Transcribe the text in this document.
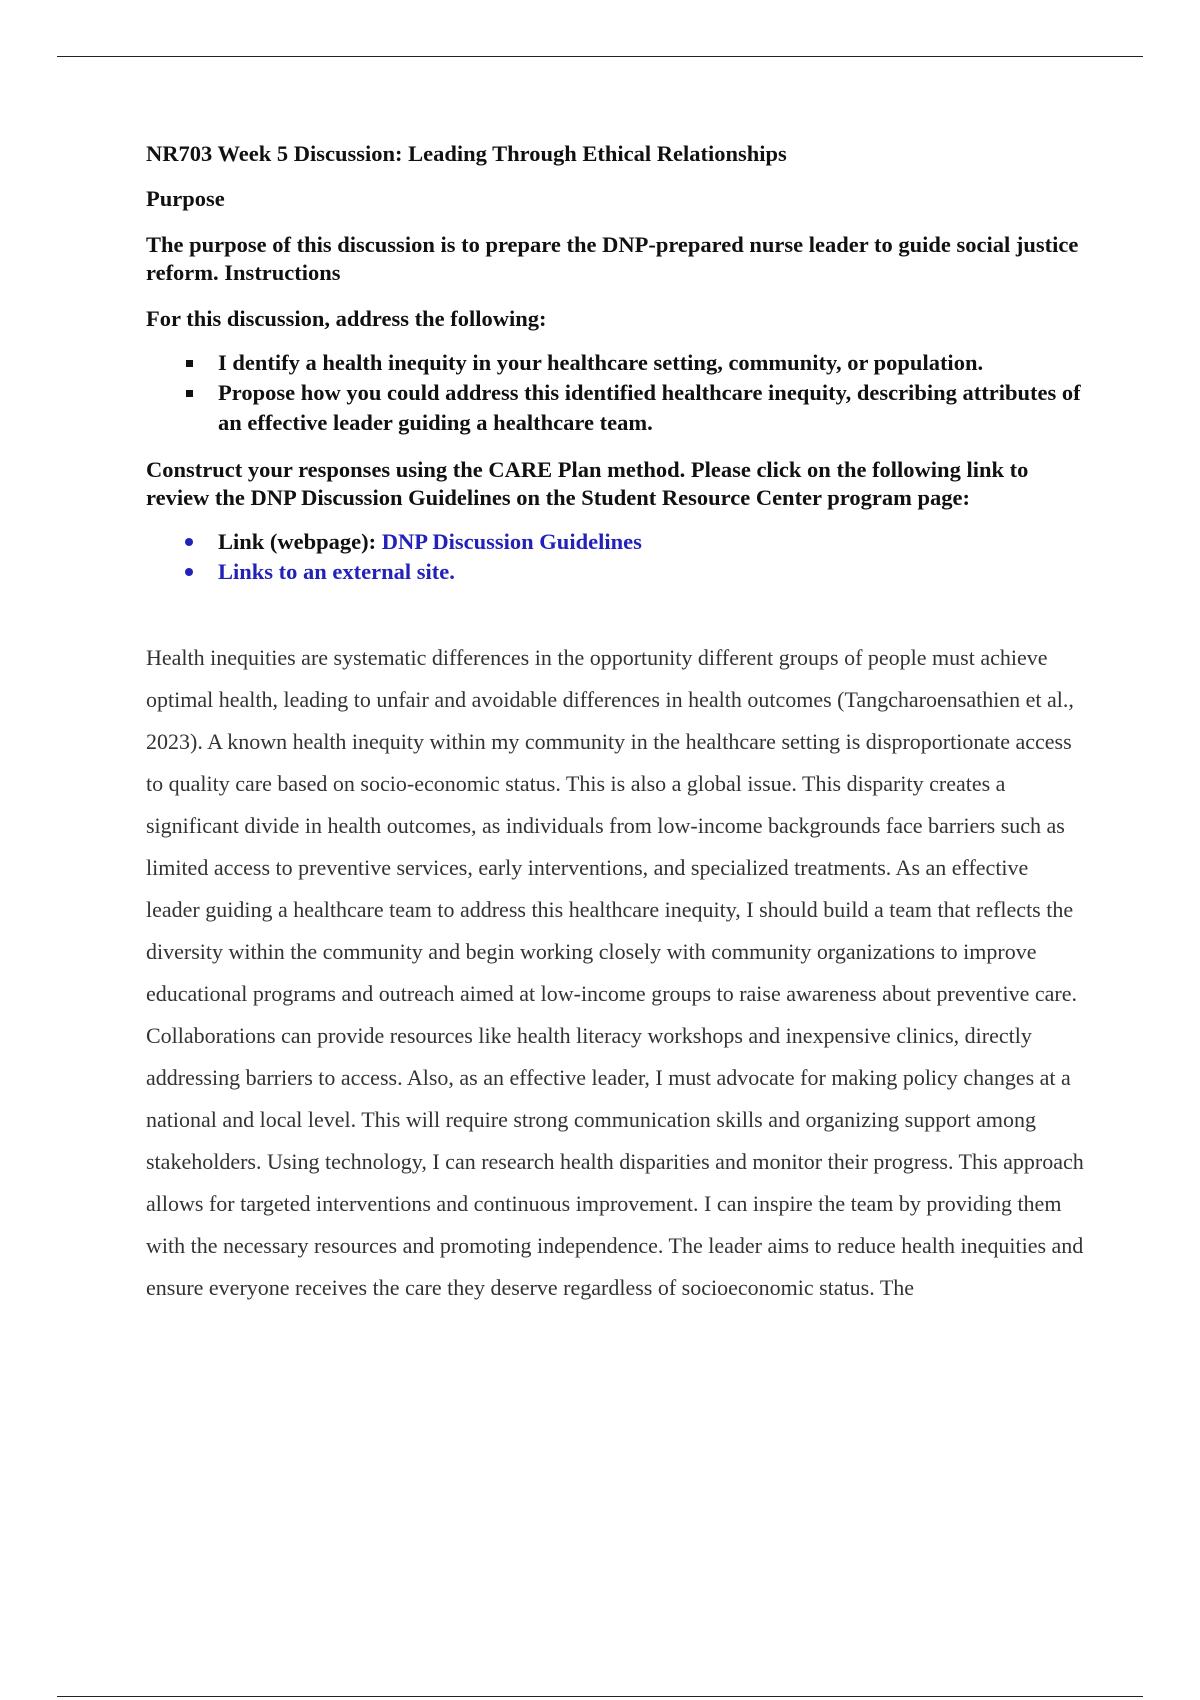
NR703 Week 5 Discussion: Leading Through Ethical Relationships

Purpose

The purpose of this discussion is to prepare the DNP-prepared nurse leader to guide social justice reform. Instructions

For this discussion, address the following:

I dentify a health inequity in your healthcare setting, community, or population.
Propose how you could address this identified healthcare inequity, describing attributes of an effective leader guiding a healthcare team.

Construct your responses using the CARE Plan method. Please click on the following link to review the DNP Discussion Guidelines on the Student Resource Center program page:

Link (webpage): DNP Discussion Guidelines
Links to an external site.

Health inequities are systematic differences in the opportunity different groups of people must achieve optimal health, leading to unfair and avoidable differences in health outcomes (Tangcharoensathien et al., 2023). A known health inequity within my community in the healthcare setting is disproportionate access to quality care based on socio-economic status. This is also a global issue. This disparity creates a significant divide in health outcomes, as individuals from low-income backgrounds face barriers such as limited access to preventive services, early interventions, and specialized treatments. As an effective leader guiding a healthcare team to address this healthcare inequity, I should build a team that reflects the diversity within the community and begin working closely with community organizations to improve educational programs and outreach aimed at low-income groups to raise awareness about preventive care. Collaborations can provide resources like health literacy workshops and inexpensive clinics, directly addressing barriers to access. Also, as an effective leader, I must advocate for making policy changes at a national and local level. This will require strong communication skills and organizing support among stakeholders. Using technology, I can research health disparities and monitor their progress. This approach allows for targeted interventions and continuous improvement. I can inspire the team by providing them with the necessary resources and promoting independence. The leader aims to reduce health inequities and ensure everyone receives the care they deserve regardless of socioeconomic status. The
